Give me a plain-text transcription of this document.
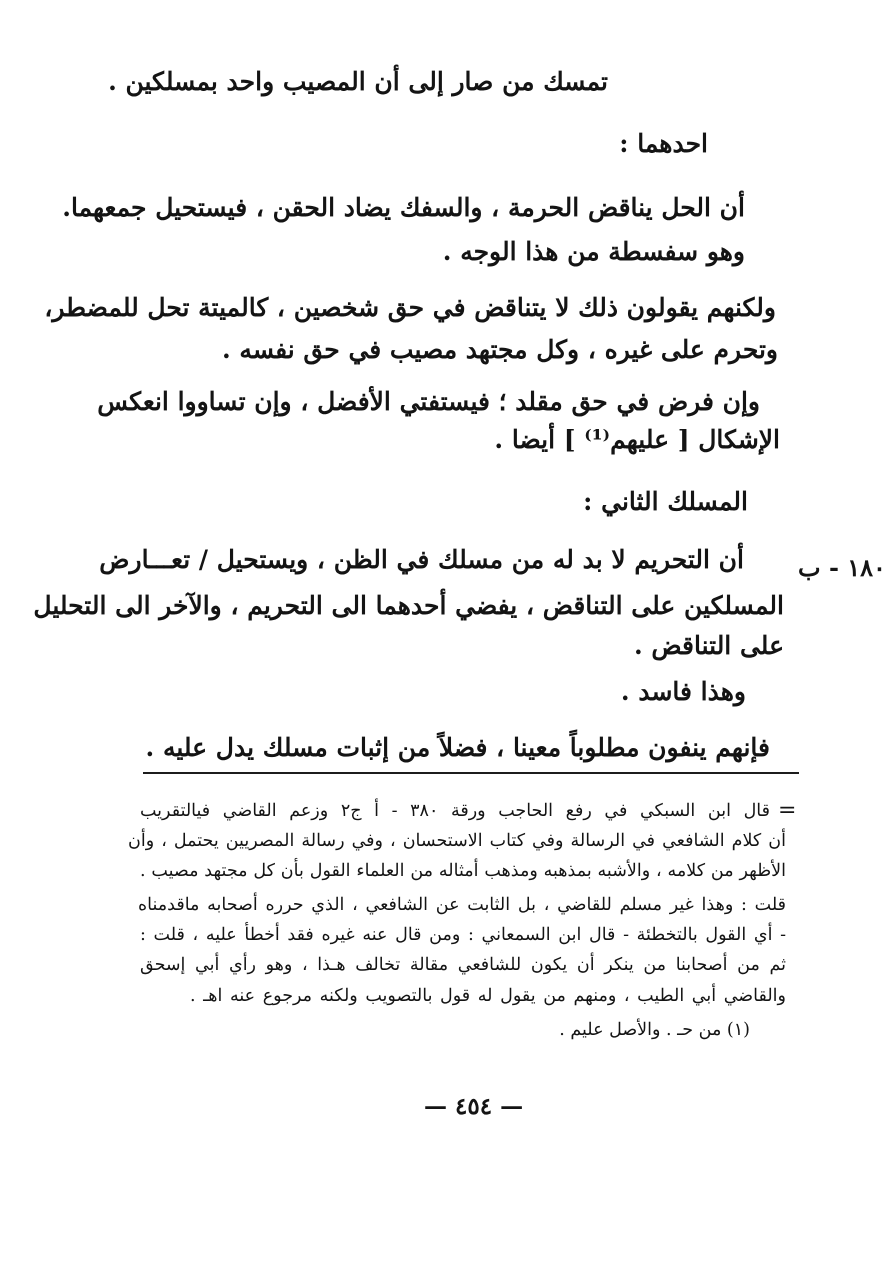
تمسك من صار إلى أن المصيب واحد بمسلكين .
احدهما :
أن الحل يناقض الحرمة ، والسفك يضاد الحقن ، فيستحيل جمعهما.
وهو سفسطة من هذا الوجه .
ولكنهم يقولون ذلك لا يتناقض في حق شخصين ، كالميتة تحل للمضطر،
وتحرم على غيره ، وكل مجتهد مصيب في حق نفسه .
وإن فرض في حق مقلد ؛ فيستفتي الأفضل ، وإن تساووا انعكس
الإشكال [ عليهم⁽¹⁾ ] أيضا .
المسلك الثاني :
أن التحريم لا بد له من مسلك في الظن ، ويستحيل / تعـــارض
المسلكين على التناقض ، يفضي أحدهما الى التحريم ، والآخر الى التحليل
على التناقض .
وهذا فاسد .
فإنهم ينفون مطلوباً معينا ، فضلاً من إثبات مسلك يدل عليه .
١٨٠ - ب
=
قال ابن السبكي في رفع الحاجب ورقة ٣٨٠ - أ ج٢ وزعم القاضي فيالتقريب
أن كلام الشافعي في الرسالة وفي كتاب الاستحسان ، وفي رسالة المصريين يحتمل ، وأن
الأظهر من كلامه ، والأشبه بمذهبه ومذهب أمثاله من العلماء القول بأن كل مجتهد مصيب .
قلت : وهذا غير مسلم للقاضي ، بل الثابت عن الشافعي ، الذي حرره أصحابه ماقدمناه
- أي القول بالتخطئة - قال ابن السمعاني : ومن قال عنه غيره فقد أخطأ عليه ، قلت :
ثم من أصحابنا من ينكر أن يكون للشافعي مقالة تخالف هـذا ، وهو رأي أبي إسحق
والقاضي أبي الطيب ، ومنهم من يقول له قول بالتصويب ولكنه مرجوع عنه اهـ .
(١) من حـ . والأصل عليم .
— ٤٥٤ —
